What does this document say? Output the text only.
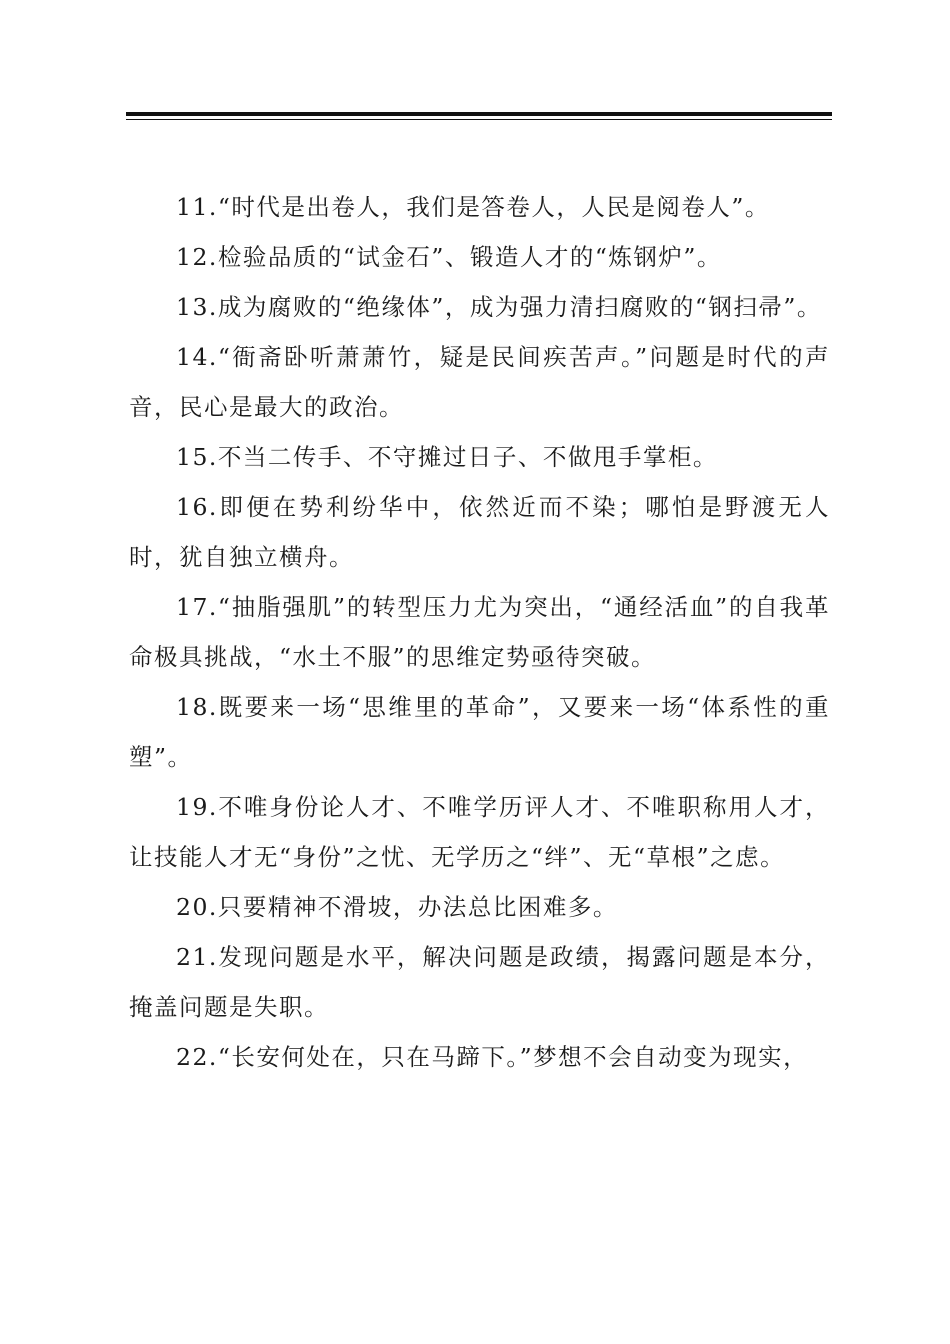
11.“时代是出卷人，我们是答卷人，人民是阅卷人”。

12.检验品质的“试金石”、锻造人才的“炼钢炉”。

13.成为腐败的“绝缘体”，成为强力清扫腐败的“钢扫帚”。

14.“衙斋卧听萧萧竹，疑是民间疾苦声。”问题是时代的声音，民心是最大的政治。

15.不当二传手、不守摊过日子、不做甩手掌柜。

16.即便在势利纷华中，依然近而不染；哪怕是野渡无人时，犹自独立横舟。

17.“抽脂强肌”的转型压力尤为突出，“通经活血”的自我革命极具挑战，“水土不服”的思维定势亟待突破。

18.既要来一场“思维里的革命”，又要来一场“体系性的重塑”。

19.不唯身份论人才、不唯学历评人才、不唯职称用人才，让技能人才无“身份”之忧、无学历之“绊”、无“草根”之虑。

20.只要精神不滑坡，办法总比困难多。

21.发现问题是水平，解决问题是政绩，揭露问题是本分，掩盖问题是失职。

22.“长安何处在，只在马蹄下。”梦想不会自动变为现实，
